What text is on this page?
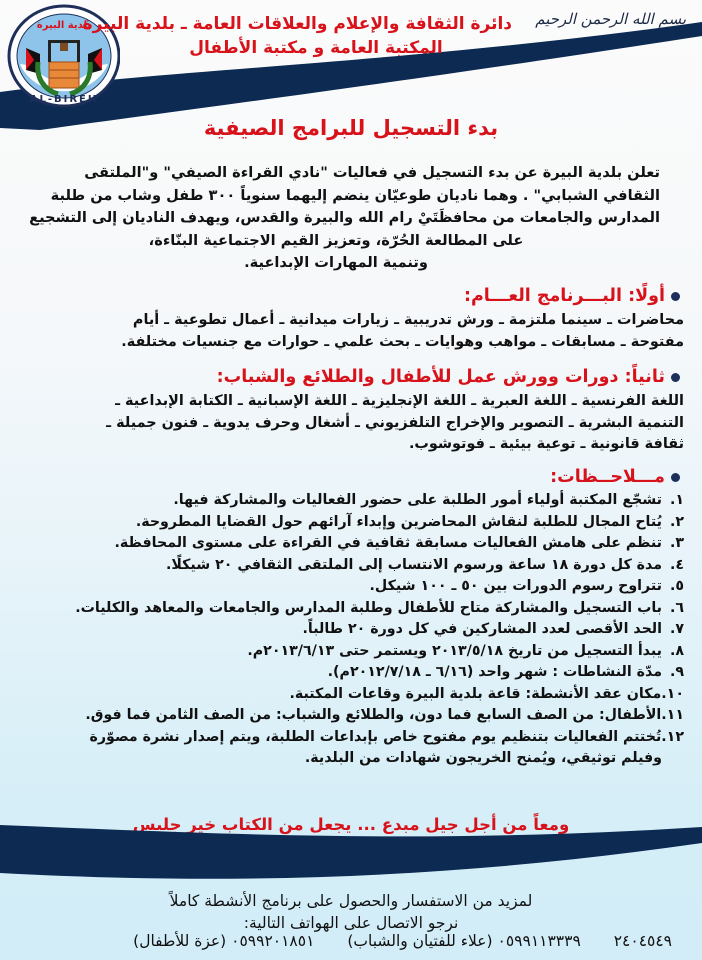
بلدية البيرة
AL-BIREH
بسم الله الرحمن الرحيم
دائرة الثقافة والإعلام والعلاقات العامة ـ بلدية البيرة
المكتبة العامة و مكتبة الأطفال
بدء التسجيل للبرامج الصيفية
تعلن بلدية البيرة عن بدء التسجيل في فعاليات "نادي القراءة الصيفي" و"الملتقى
الثقافي الشبابي" . وهما ناديان طوعيّان ينضم إليهما سنوياً ٣٠٠ طفل وشاب من طلبة
المدارس والجامعات من محافظَتَيْ رام الله والبيرة والقدس، ويهدف الناديان إلى التشجيع
على المطالعة الحُرّة، وتعزيز القيم الاجتماعية البنّاءة،
وتنمية المهارات الإبداعية.
أولًا: البـــرنامج العـــام:
محاضرات ـ سينما ملتزمة ـ ورش تدريبية ـ زيارات ميدانية ـ أعمال تطوعية ـ أيام
مفتوحة ـ مسابقات ـ مواهب وهوايات ـ بحث علمي ـ حوارات مع جنسيات مختلفة.
ثانياً: دورات وورش عمل للأطفال والطلائع والشباب:
اللغة الفرنسية ـ اللغة العبرية ـ اللغة الإنجليزية ـ اللغة الإسبانية ـ الكتابة الإبداعية ـ
التنمية البشرية ـ التصوير والإخراج التلفزيوني ـ أشغال وحرف يدوية ـ فنون جميلة ـ
ثقافة قانونية ـ توعية بيئية ـ فوتوشوب.
مـــلاحــظات:
١.تشجّع المكتبة أولياء أمور الطلبة على حضور الفعاليات والمشاركة فيها.
٢.يُتاح المجال للطلبة لنقاش المحاضرين وإبداء آرائهم حول القضايا المطروحة.
٣.تنظم على هامش الفعاليات مسابقة ثقافية في القراءة على مستوى المحافظة.
٤.مدة كل دورة ١٨ ساعة ورسوم الانتساب إلى الملتقى الثقافي ٢٠ شيكلًا.
٥.تتراوح رسوم الدورات بين ٥٠ ـ ١٠٠ شيكل.
٦.باب التسجيل والمشاركة متاح للأطفال وطلبة المدارس والجامعات والمعاهد والكليات.
٧.الحد الأقصى لعدد المشاركين في كل دورة ٢٠ طالباً.
٨.يبدأ التسجيل من تاريخ ٢٠١٣/٥/١٨ ويستمر حتى ٢٠١٣/٦/١٣م.
٩.مدّة النشاطات : شهر واحد (٦/١٦ ـ ٢٠١٢/٧/١٨م).
١٠.مكان عقد الأنشطة: قاعة بلدية البيرة وقاعات المكتبة.
١١.الأطفال: من الصف السابع فما دون، والطلائع والشباب: من الصف الثامن فما فوق.
١٢.تُختتم الفعاليات بتنظيم يوم مفتوح خاص بإبداعات الطلبة، ويتم إصدار نشرة مصوّرة
وفيلم توثيقي، ويُمنح الخريجون شهادات من البلدية.
ومعاً من أجل جيل مبدع ... يجعل من الكتاب خير جليس
لمزيد من الاستفسار والحصول على برنامج الأنشطة كاملاً
نرجو الاتصال على الهواتف التالية:
٢٤٠٤٥٤٩ ٠٥٩٩١١٣٣٣٩ (علاء للفتيان والشباب) ٠٥٩٩٢٠١٨٥١ (عزة للأطفال)
